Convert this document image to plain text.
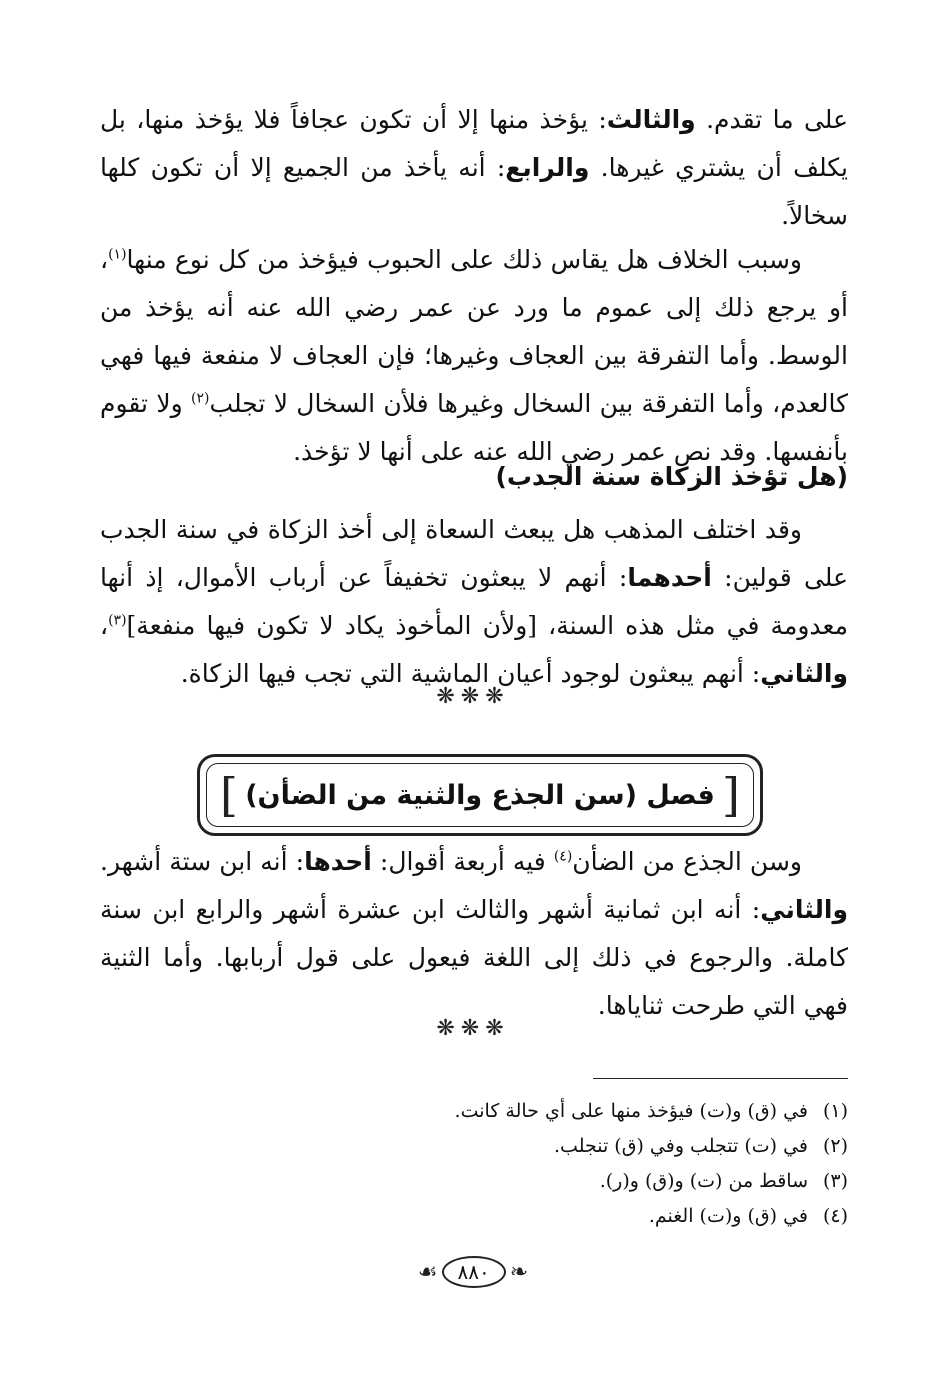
على ما تقدم. والثالث: يؤخذ منها إلا أن تكون عجافاً فلا يؤخذ منها، بل يكلف أن يشتري غيرها. والرابع: أنه يأخذ من الجميع إلا أن تكون كلها سخالاً.

وسبب الخلاف هل يقاس ذلك على الحبوب فيؤخذ من كل نوع منها$^{(١)}$، أو يرجع ذلك إلى عموم ما ورد عن عمر رضي الله عنه أنه يؤخذ من الوسط. وأما التفرقة بين العجاف وغيرها؛ فإن العجاف لا منفعة فيها فهي كالعدم، وأما التفرقة بين السخال وغيرها فلأن السخال لا تجلب$^{(٢)}$ ولا تقوم بأنفسها. وقد نص عمر رضي الله عنه على أنها لا تؤخذ.

(هل تؤخذ الزكاة سنة الجدب)

وقد اختلف المذهب هل يبعث السعاة إلى أخذ الزكاة في سنة الجدب على قولين: أحدهما: أنهم لا يبعثون تخفيفاً عن أرباب الأموال، إذ أنها معدومة في مثل هذه السنة، [ولأن المأخوذ يكاد لا تكون فيها منفعة]$^{(٣)}$، والثاني: أنهم يبعثون لوجود أعيان الماشية التي تجب فيها الزكاة.

❋❋❋
[
فصل (سن الجذع والثنية من الضأن)
]

وسن الجذع من الضأن$^{(٤)}$ فيه أربعة أقوال: أحدها: أنه ابن ستة أشهر. والثاني: أنه ابن ثمانية أشهر والثالث ابن عشرة أشهر والرابع ابن سنة كاملة. والرجوع في ذلك إلى اللغة فيعول على قول أربابها. وأما الثنية فهي التي طرحت ثناياها.

❋❋❋
(١)
في (ق) و(ت) فيؤخذ منها على أي حالة كانت.
(٢)
في (ت) تتجلب وفي (ق) تنجلب.
(٣)
ساقط من (ت) و(ق) و(ر).
(٤)
في (ق) و(ت) الغنم.
❧
٨٨٠
☙
